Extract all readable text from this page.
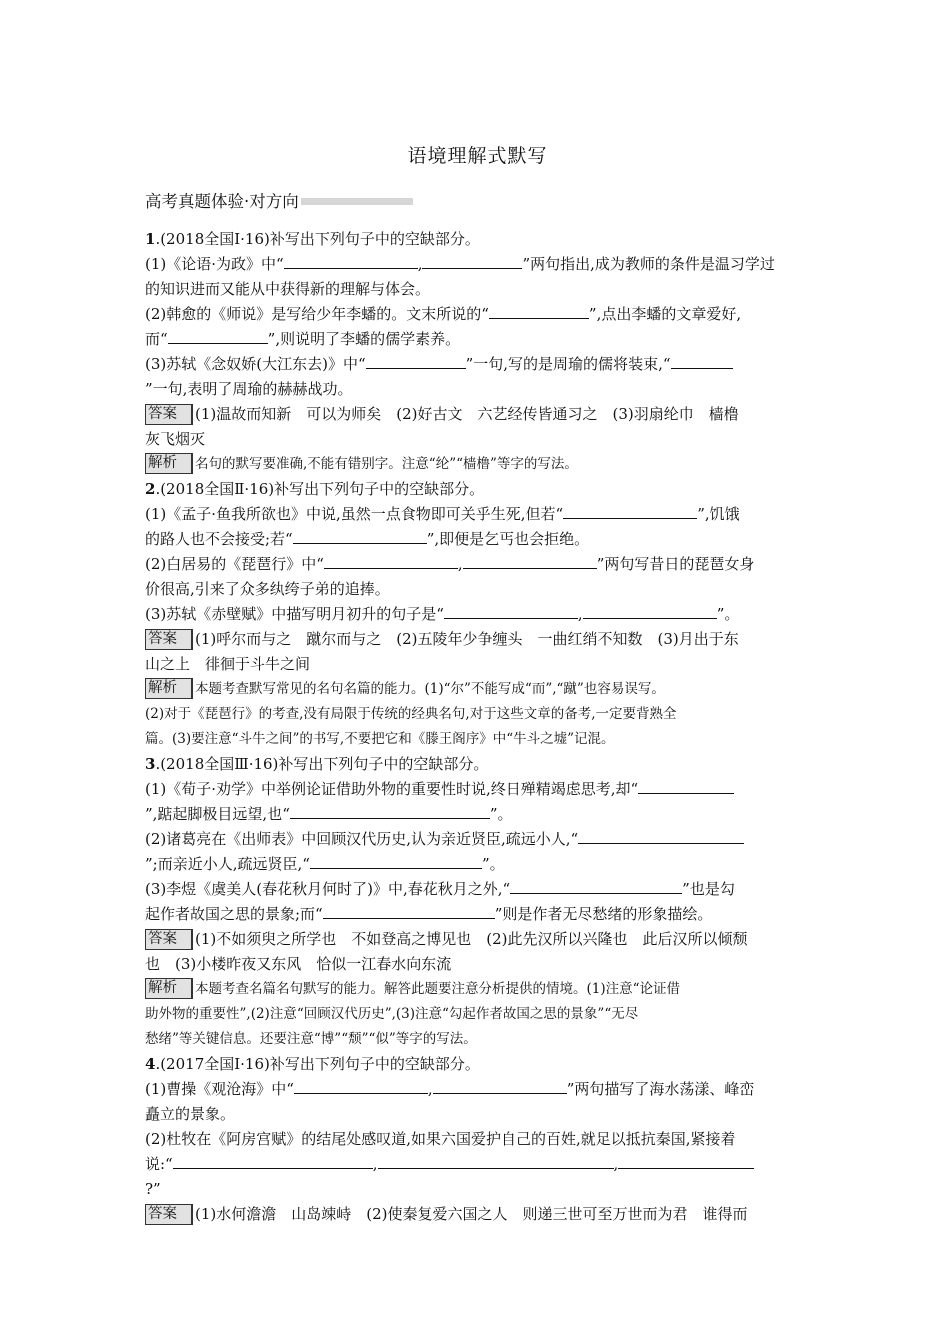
语境理解式默写
高考真题体验·对方向

1.(2018全国Ⅰ·16)补写出下列句子中的空缺部分。

(1)《论语·为政》中“	,	”两句指出,成为教师的条件是温习学过

的知识进而又能从中获得新的理解与体会。

(2)韩愈的《师说》是写给少年李蟠的。文末所说的“	”,点出李蟠的文章爱好,

而“	”,则说明了李蟠的儒学素养。

(3)苏轼《念奴娇(大江东去)》中“	”一句,写的是周瑜的儒将装束,“

”一句,表明了周瑜的赫赫战功。

答案 (1)温故而知新　可以为师矣　(2)好古文　六艺经传皆通习之　(3)羽扇纶巾　樯橹

灰飞烟灭

解析 名句的默写要准确,不能有错别字。注意“纶”“樯橹”等字的写法。

2.(2018全国Ⅱ·16)补写出下列句子中的空缺部分。

(1)《孟子·鱼我所欲也》中说,虽然一点食物即可关乎生死,但若“	”,饥饿

的路人也不会接受;若“	”,即便是乞丐也会拒绝。

(2)白居易的《琵琶行》中“	,	”两句写昔日的琵琶女身

价很高,引来了众多纨绔子弟的追捧。

(3)苏轼《赤壁赋》中描写明月初升的句子是“	,	”。

答案 (1)呼尔而与之　蹴尔而与之　(2)五陵年少争缠头　一曲红绡不知数　(3)月出于东

山之上　徘徊于斗牛之间

解析 本题考查默写常见的名句名篇的能力。(1)“尔”不能写成“而”,“蹴”也容易误写。

(2)对于《琵琶行》的考查,没有局限于传统的经典名句,对于这些文章的备考,一定要背熟全

篇。(3)要注意“斗牛之间”的书写,不要把它和《滕王阁序》中“牛斗之墟”记混。

3.(2018全国Ⅲ·16)补写出下列句子中的空缺部分。

(1)《荀子·劝学》中举例论证借助外物的重要性时说,终日殚精竭虑思考,却“

”,踮起脚极目远望,也“	”。

(2)诸葛亮在《出师表》中回顾汉代历史,认为亲近贤臣,疏远小人,“

”;而亲近小人,疏远贤臣,“	”。

(3)李煜《虞美人(春花秋月何时了)》中,春花秋月之外,“	”也是勾

起作者故国之思的景象;而“	”则是作者无尽愁绪的形象描绘。

答案 (1)不如须臾之所学也　不如登高之博见也　(2)此先汉所以兴隆也　此后汉所以倾颓

也　(3)小楼昨夜又东风　恰似一江春水向东流

解析 本题考查名篇名句默写的能力。解答此题要注意分析提供的情境。(1)注意“论证借

助外物的重要性”,(2)注意“回顾汉代历史”,(3)注意“勾起作者故国之思的景象”“无尽

愁绪”等关键信息。还要注意“博”“颓”“似”等字的写法。

4.(2017全国Ⅰ·16)补写出下列句子中的空缺部分。

(1)曹操《观沧海》中“	,	”两句描写了海水荡漾、峰峦

矗立的景象。

(2)杜牧在《阿房宫赋》的结尾处感叹道,如果六国爱护自己的百姓,就足以抵抗秦国,紧接着

说:“	,	,

?”

答案 (1)水何澹澹　山岛竦峙　(2)使秦复爱六国之人　则递三世可至万世而为君　谁得而
